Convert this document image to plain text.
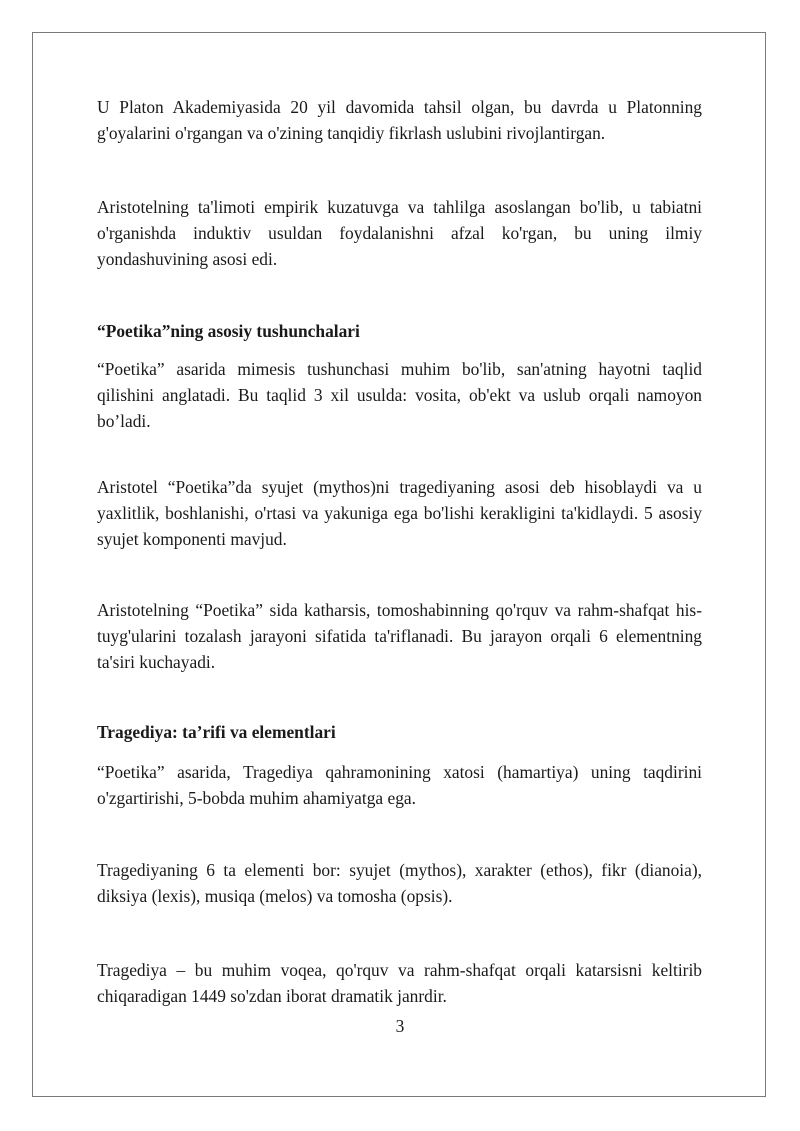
U Platon Akademiyasida 20 yil davomida tahsil olgan, bu davrda u Platonning g'oyalarini o'rgangan va o'zining tanqidiy fikrlash uslubini rivojlantirgan.

Aristotelning ta'limoti empirik kuzatuvga va tahlilga asoslangan bo'lib, u tabiatni o'rganishda induktiv usuldan foydalanishni afzal ko'rgan, bu uning ilmiy yondashuvining asosi edi.

“Poetika”ning asosiy tushunchalari

“Poetika” asarida mimesis tushunchasi muhim bo'lib, san'atning hayotni taqlid qilishini anglatadi. Bu taqlid 3 xil usulda: vosita, ob'ekt va uslub orqali namoyon bo’ladi.

Aristotel “Poetika”da syujet (mythos)ni tragediyaning asosi deb hisoblaydi va u yaxlitlik, boshlanishi, o'rtasi va yakuniga ega bo'lishi kerakligini ta'kidlaydi. 5 asosiy syujet komponenti mavjud.

Aristotelning “Poetika” sida katharsis, tomoshabinning qo'rquv va rahm-shafqat his-tuyg'ularini tozalash jarayoni sifatida ta'riflanadi. Bu jarayon orqali 6 elementning ta'siri kuchayadi.

Tragediya: ta’rifi va elementlari

“Poetika” asarida, Tragediya qahramonining xatosi (hamartiya) uning taqdirini o'zgartirishi, 5-bobda muhim ahamiyatga ega.

Tragediyaning 6 ta elementi bor: syujet (mythos), xarakter (ethos), fikr (dianoia), diksiya (lexis), musiqa (melos) va tomosha (opsis).

Tragediya – bu muhim voqea, qo'rquv va rahm-shafqat orqali katarsisni keltirib chiqaradigan 1449 so'zdan iborat dramatik janrdir.

3
